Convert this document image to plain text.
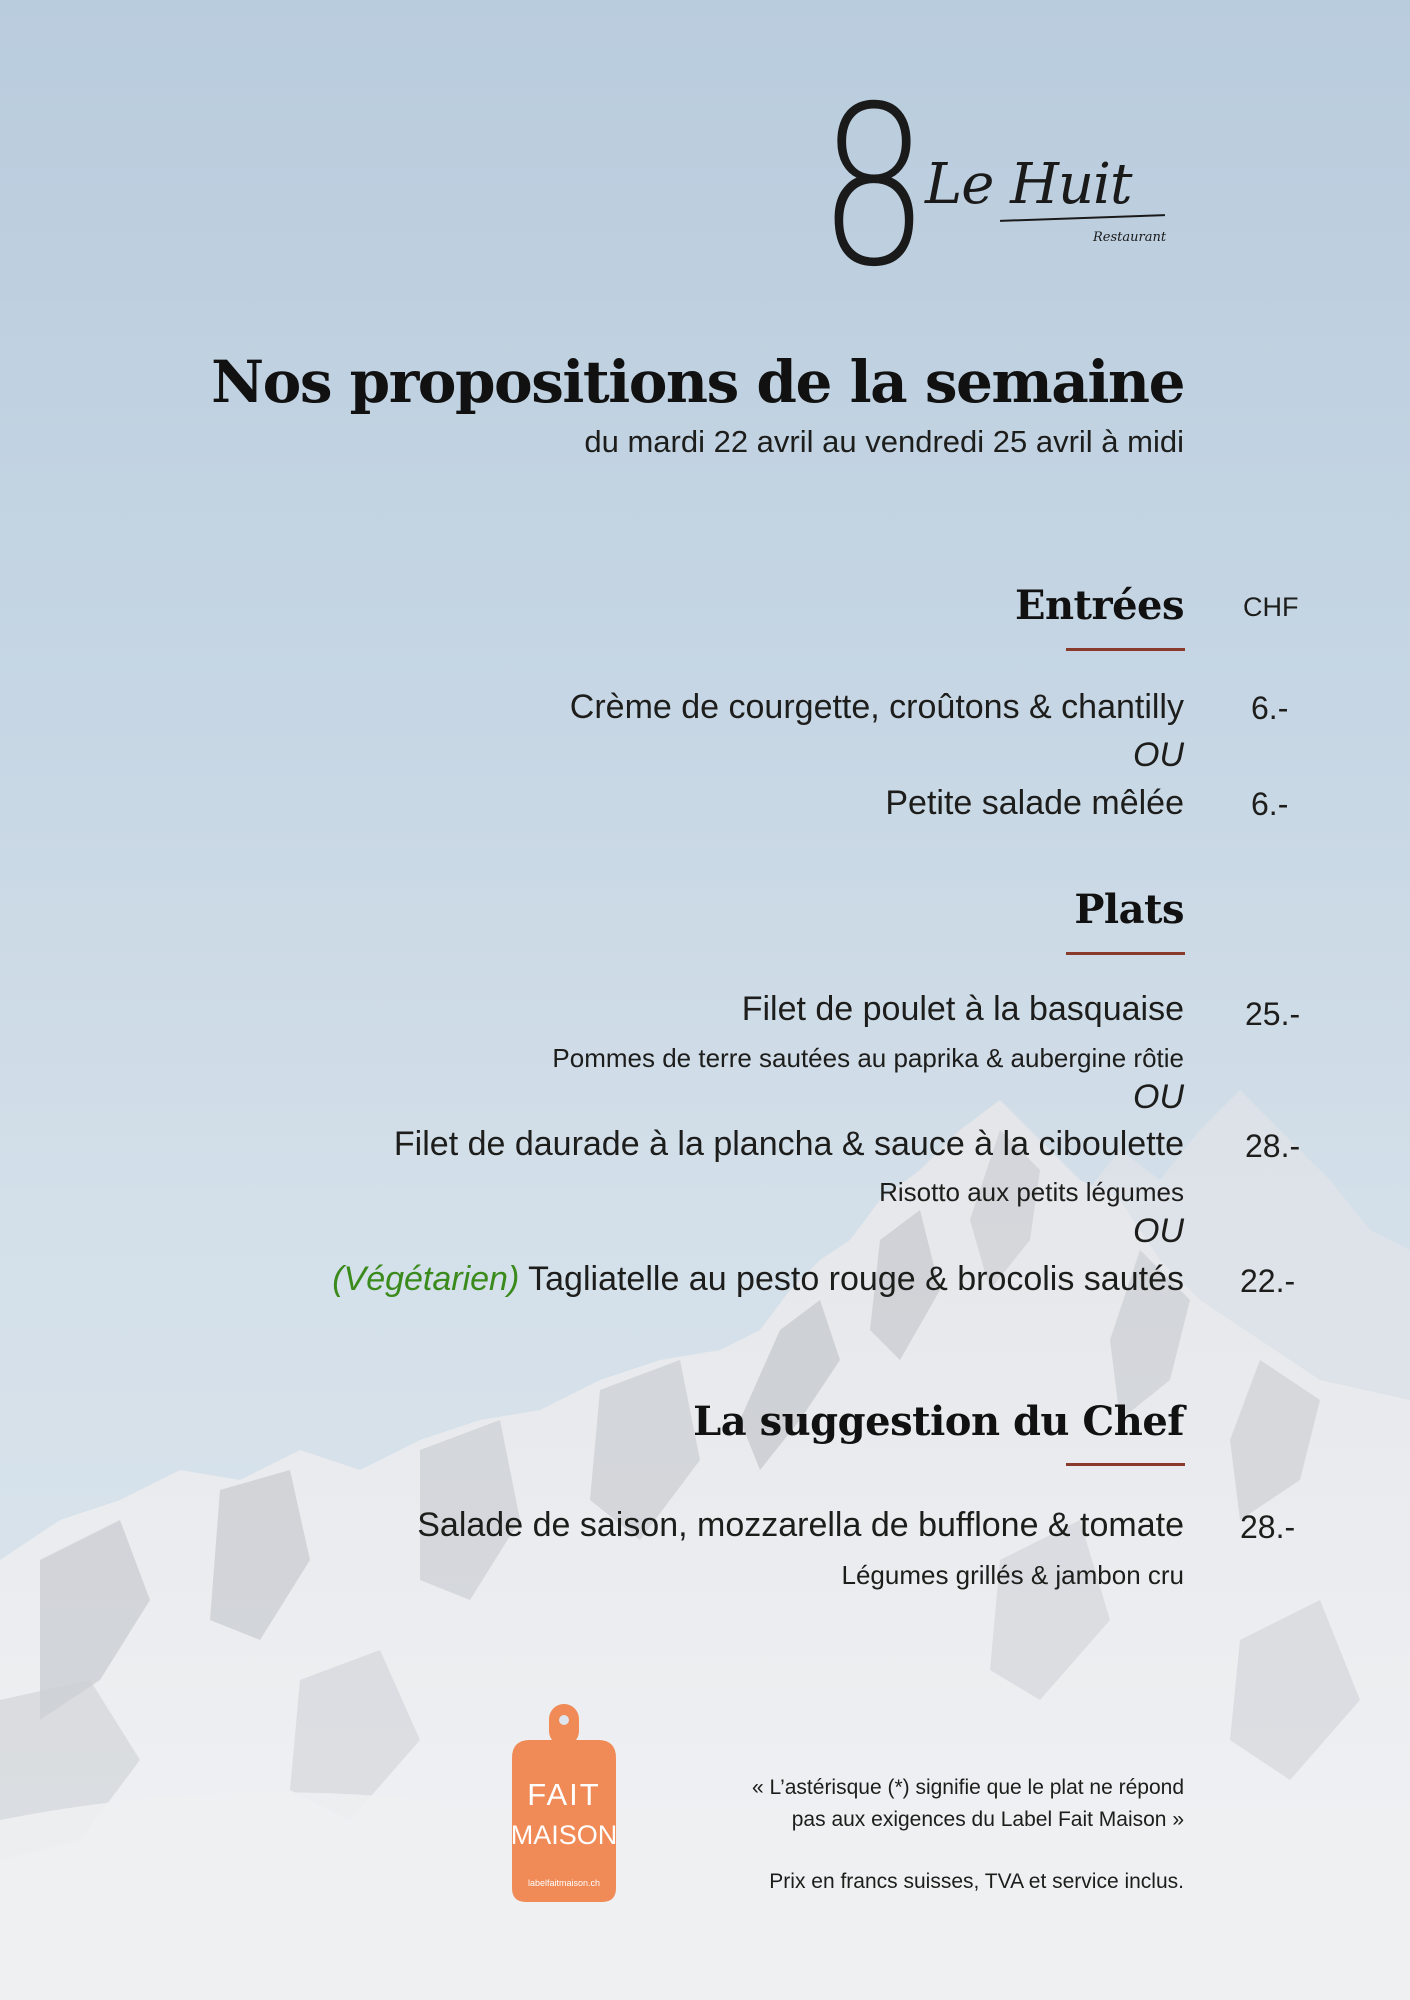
8
Le Huit
Restaurant
Nos propositions de la semaine
du mardi 22 avril au vendredi 25 avril à midi
Entrées CHF
Crème de courgette, croûtons & chantilly 6.-
OU
Petite salade mêlée 6.-
Plats
Filet de poulet à la basquaise 25.-
Pommes de terre sautées au paprika & aubergine rôtie
OU
Filet de daurade à la plancha & sauce à la ciboulette 28.-
Risotto aux petits légumes
OU
(Végétarien) Tagliatelle au pesto rouge & brocolis sautés 22.-
La suggestion du Chef
Salade de saison, mozzarella de bufflone & tomate 28.-
Légumes grillés & jambon cru
FAIT
MAISON
labelfaitmaison.ch
« L’astérisque (*) signifie que le plat ne répond
pas aux exigences du Label Fait Maison »
Prix en francs suisses, TVA et service inclus.
